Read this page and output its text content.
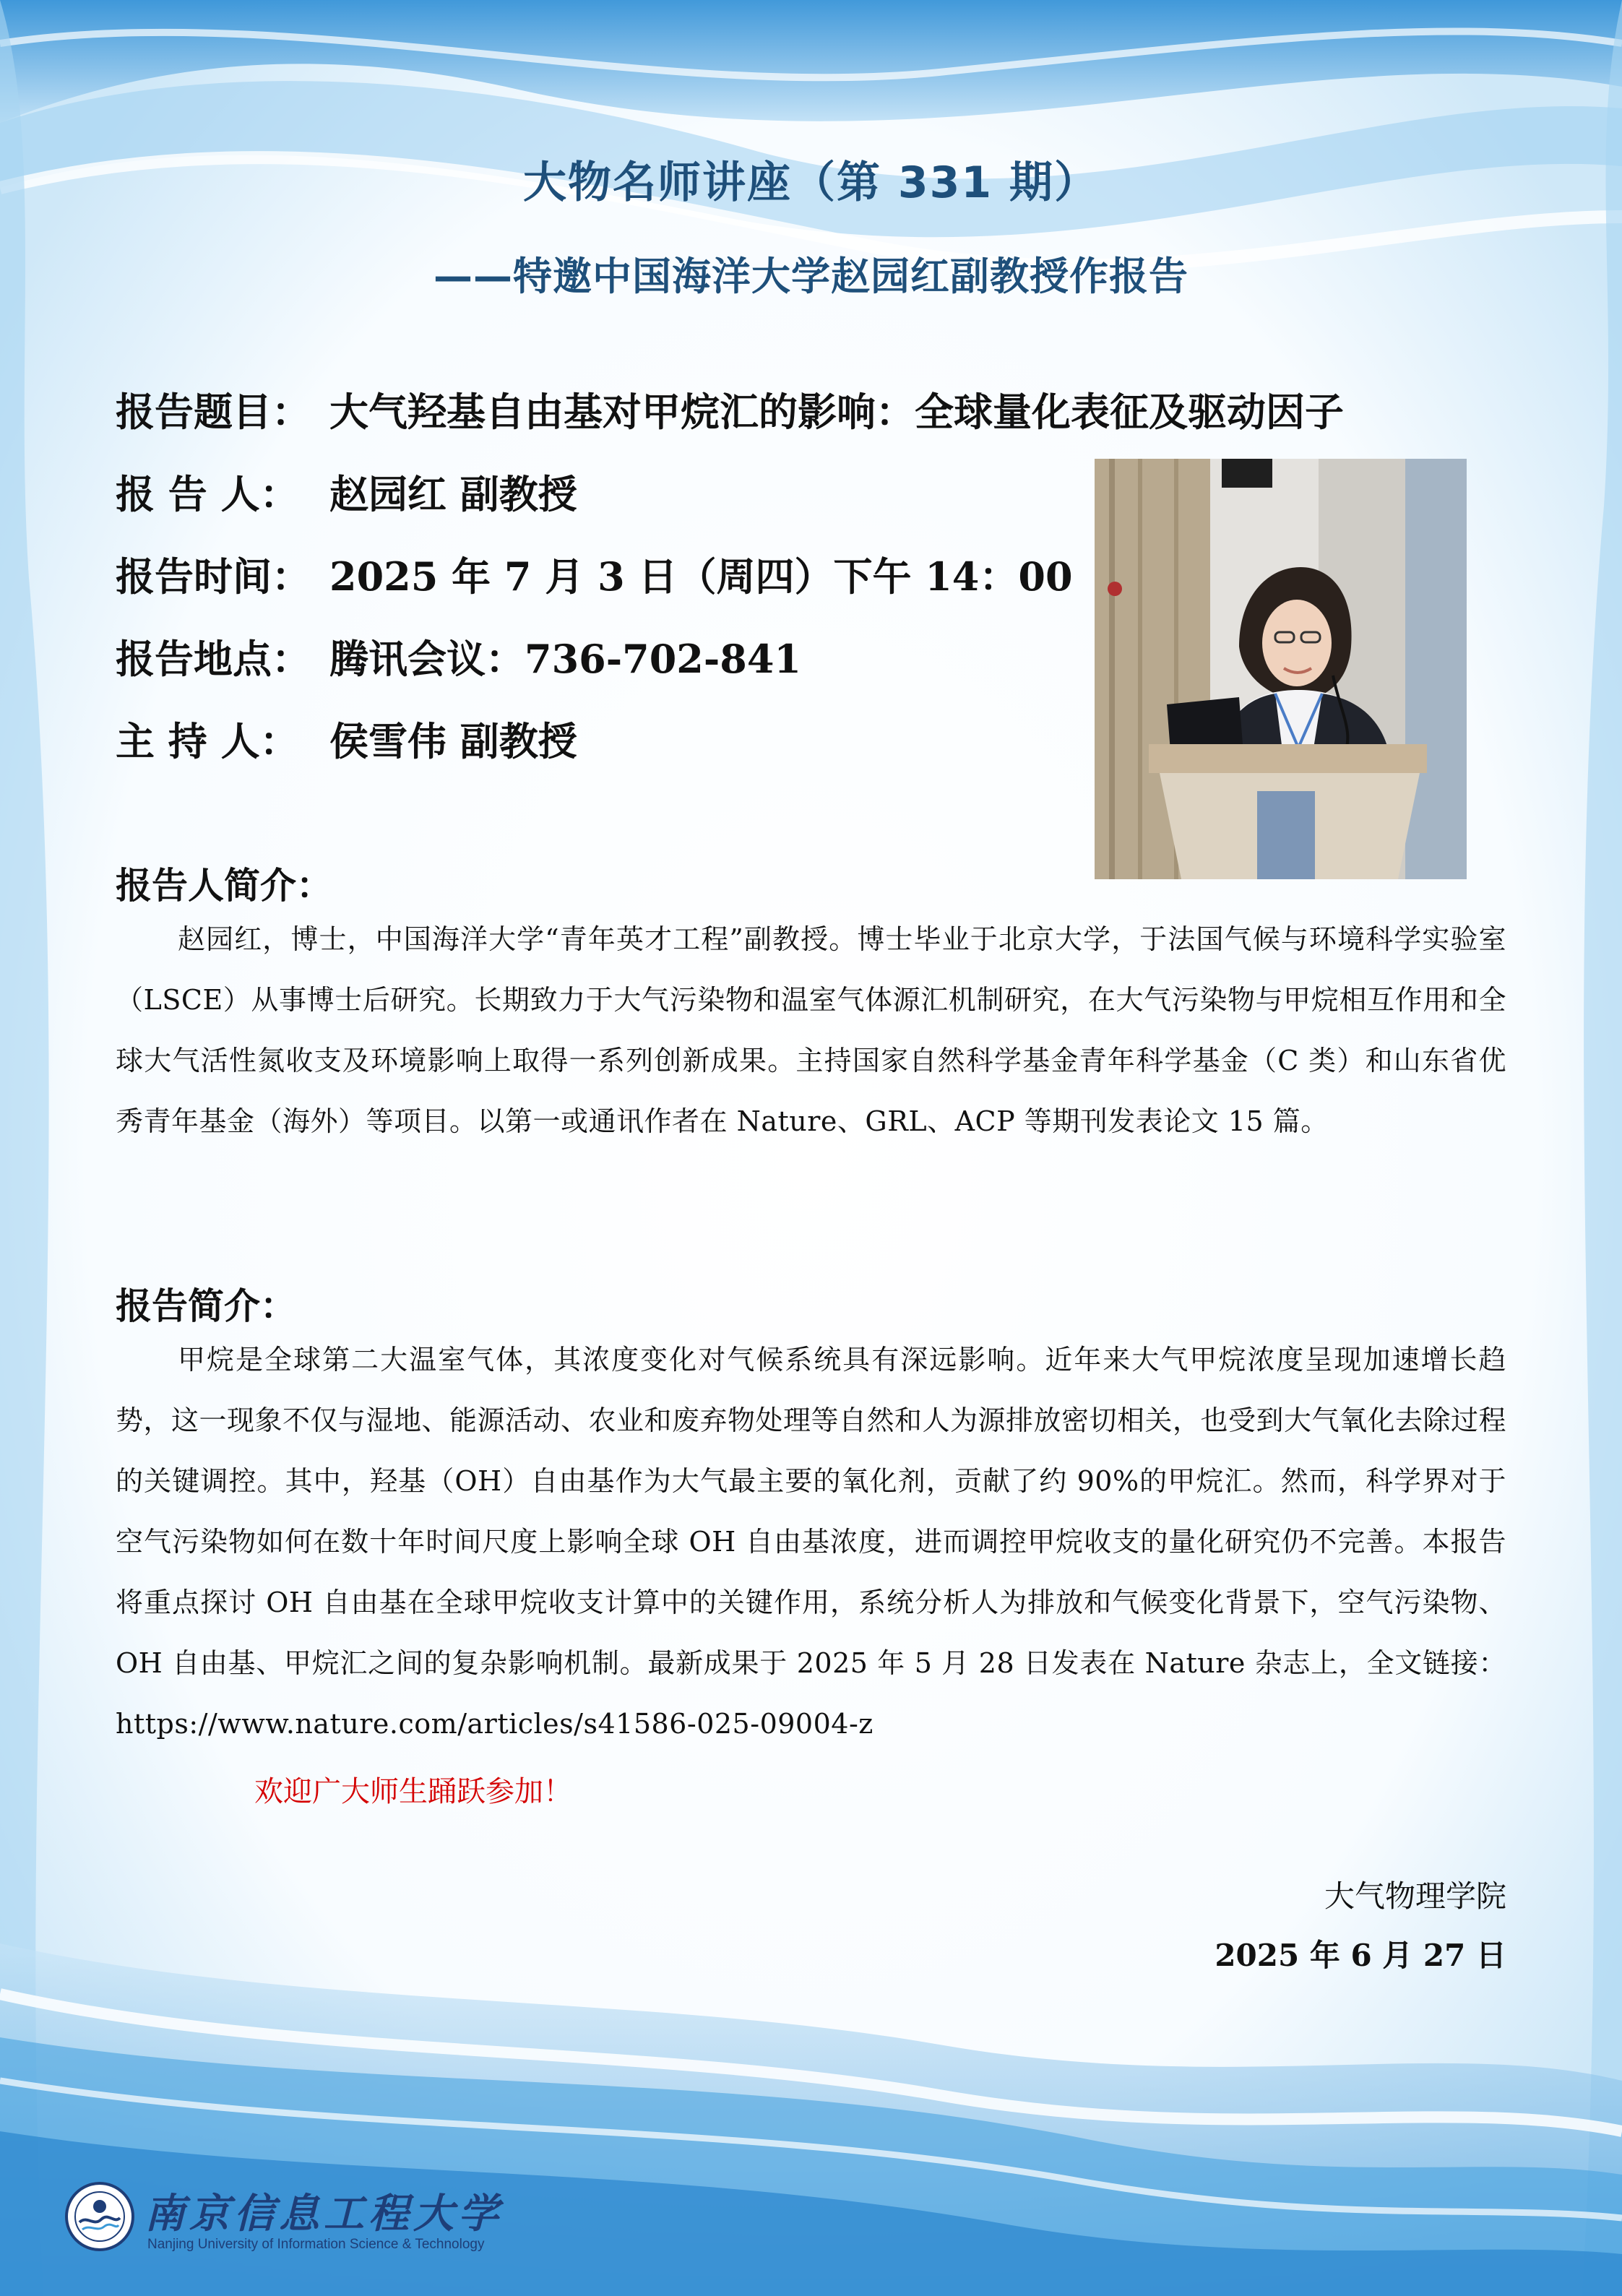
大物名师讲座（第 331 期）
——特邀中国海洋大学赵园红副教授作报告
报告题目： 大气羟基自由基对甲烷汇的影响：全球量化表征及驱动因子
报 告 人： 赵园红 副教授
报告时间： 2025 年 7 月 3 日（周四）下午 14：00
报告地点： 腾讯会议：736-702-841
主 持 人： 侯雪伟 副教授
报告人简介：
赵园红，博士，中国海洋大学“青年英才工程”副教授。博士毕业于北京大学，于法国气候与环境科学实验室（LSCE）从事博士后研究。长期致力于大气污染物和温室气体源汇机制研究，在大气污染物与甲烷相互作用和全球大气活性氮收支及环境影响上取得一系列创新成果。主持国家自然科学基金青年科学基金（C 类）和山东省优秀青年基金（海外）等项目。以第一或通讯作者在 Nature、GRL、ACP 等期刊发表论文 15 篇。
报告简介：
甲烷是全球第二大温室气体，其浓度变化对气候系统具有深远影响。近年来大气甲烷浓度呈现加速增长趋势，这一现象不仅与湿地、能源活动、农业和废弃物处理等自然和人为源排放密切相关，也受到大气氧化去除过程的关键调控。其中，羟基（OH）自由基作为大气最主要的氧化剂，贡献了约 90%的甲烷汇。然而，科学界对于空气污染物如何在数十年时间尺度上影响全球 OH 自由基浓度，进而调控甲烷收支的量化研究仍不完善。本报告将重点探讨 OH 自由基在全球甲烷收支计算中的关键作用，系统分析人为排放和气候变化背景下，空气污染物、OH 自由基、甲烷汇之间的复杂影响机制。最新成果于 2025 年 5 月 28 日发表在 Nature 杂志上，全文链接：https://www.nature.com/articles/s41586-025-09004-z
欢迎广大师生踊跃参加！
大气物理学院
2025 年 6 月 27 日
南京信息工程大学
Nanjing University of Information Science & Technology
